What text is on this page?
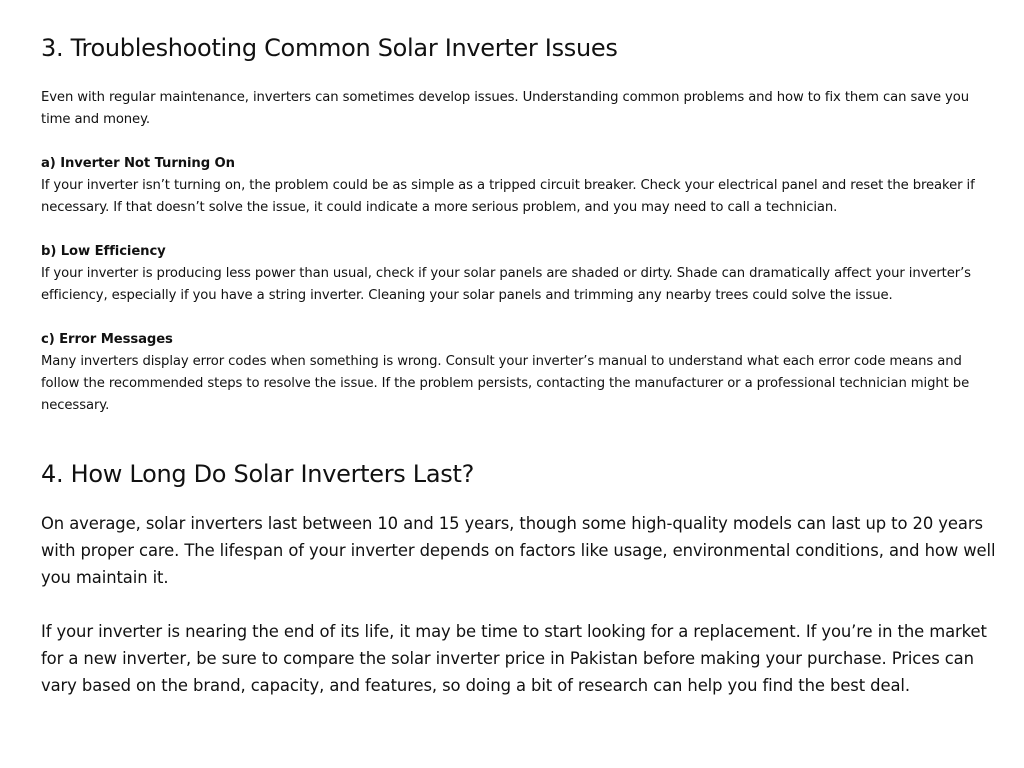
3. Troubleshooting Common Solar Inverter Issues

Even with regular maintenance, inverters can sometimes develop issues. Understanding common problems and how to fix them can save you time and money.

a) Inverter Not Turning On

If your inverter isn’t turning on, the problem could be as simple as a tripped circuit breaker. Check your electrical panel and reset the breaker if necessary. If that doesn’t solve the issue, it could indicate a more serious problem, and you may need to call a technician.

b) Low Efficiency

If your inverter is producing less power than usual, check if your solar panels are shaded or dirty. Shade can dramatically affect your inverter’s efficiency, especially if you have a string inverter. Cleaning your solar panels and trimming any nearby trees could solve the issue.

c) Error Messages

Many inverters display error codes when something is wrong. Consult your inverter’s manual to understand what each error code means and follow the recommended steps to resolve the issue. If the problem persists, contacting the manufacturer or a professional technician might be necessary.

4. How Long Do Solar Inverters Last?

On average, solar inverters last between 10 and 15 years, though some high-quality models can last up to 20 years with proper care. The lifespan of your inverter depends on factors like usage, environmental conditions, and how well you maintain it.

If your inverter is nearing the end of its life, it may be time to start looking for a replacement. If you’re in the market for a new inverter, be sure to compare the solar inverter price in Pakistan before making your purchase. Prices can vary based on the brand, capacity, and features, so doing a bit of research can help you find the best deal.
